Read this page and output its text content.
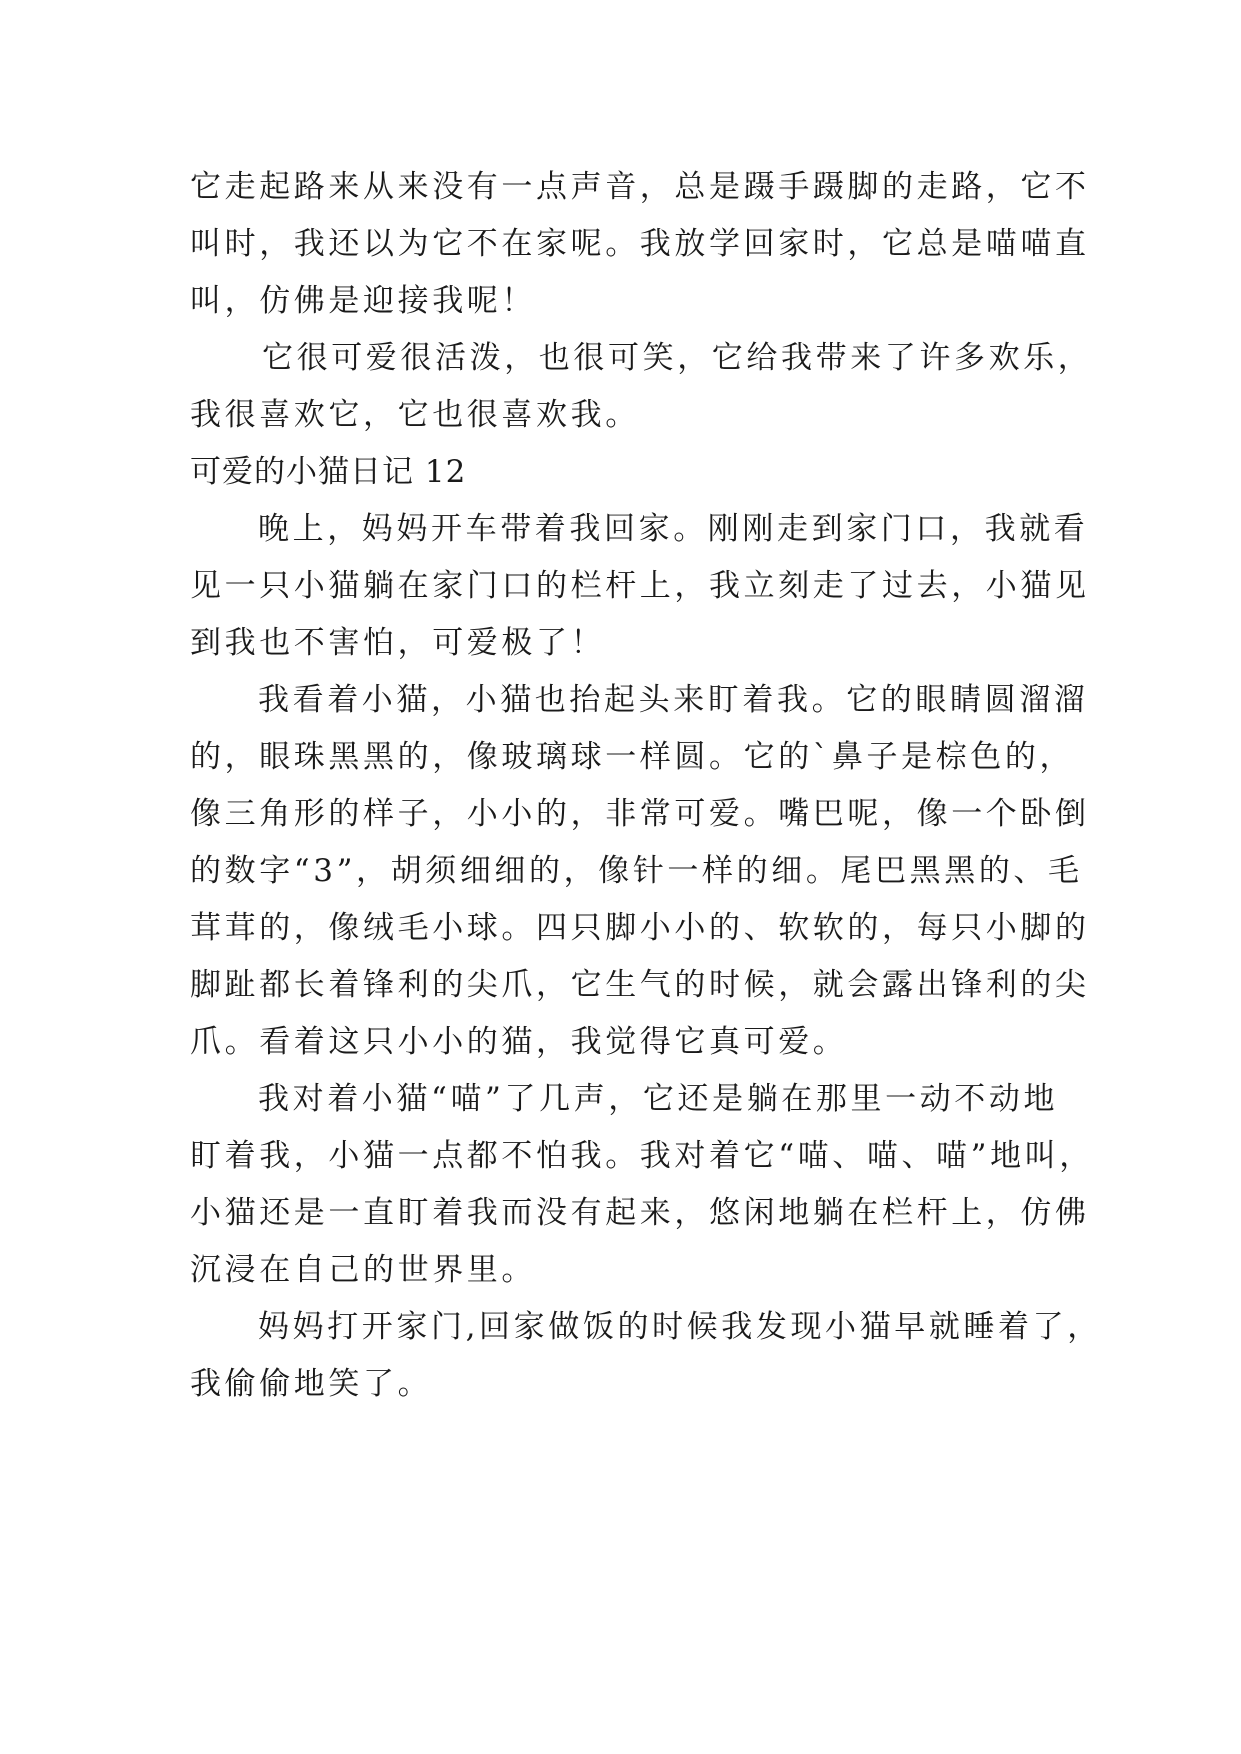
它走起路来从来没有一点声音，总是蹑手蹑脚的走路，它不
叫时，我还以为它不在家呢。我放学回家时，它总是喵喵直
叫，仿佛是迎接我呢！
它很可爱很活泼，也很可笑，它给我带来了许多欢乐，
我很喜欢它，它也很喜欢我。
可爱的小猫日记 12
晚上，妈妈开车带着我回家。刚刚走到家门口，我就看
见一只小猫躺在家门口的栏杆上，我立刻走了过去，小猫见
到我也不害怕，可爱极了！
我看着小猫，小猫也抬起头来盯着我。它的眼睛圆溜溜
的，眼珠黑黑的，像玻璃球一样圆。它的`鼻子是棕色的，
像三角形的样子，小小的，非常可爱。嘴巴呢，像一个卧倒
的数字“3”，胡须细细的，像针一样的细。尾巴黑黑的、毛
茸茸的，像绒毛小球。四只脚小小的、软软的，每只小脚的
脚趾都长着锋利的尖爪，它生气的时候，就会露出锋利的尖
爪。看着这只小小的猫，我觉得它真可爱。
我对着小猫“喵”了几声，它还是躺在那里一动不动地
盯着我，小猫一点都不怕我。我对着它“喵、喵、喵”地叫，
小猫还是一直盯着我而没有起来，悠闲地躺在栏杆上，仿佛
沉浸在自己的世界里。
妈妈打开家门,回家做饭的时候我发现小猫早就睡着了，
我偷偷地笑了。
